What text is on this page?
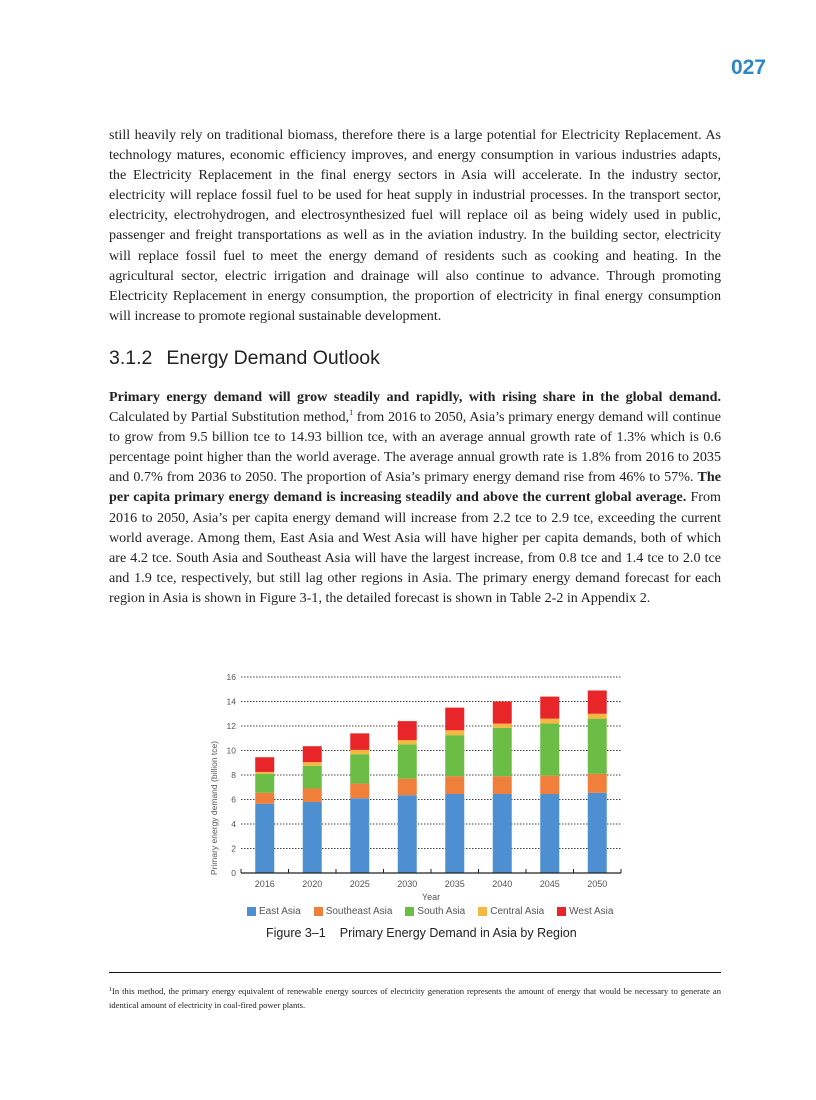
027

still heavily rely on traditional biomass, therefore there is a large potential for Electricity Replacement. As technology matures, economic efficiency improves, and energy consumption in various industries adapts, the Electricity Replacement in the final energy sectors in Asia will accelerate. In the industry sector, electricity will replace fossil fuel to be used for heat supply in industrial processes. In the transport sector, electricity, electrohydrogen, and electrosynthesized fuel will replace oil as being widely used in public, passenger and freight transportations as well as in the aviation industry. In the building sector, electricity will replace fossil fuel to meet the energy demand of residents such as cooking and heating. In the agricultural sector, electric irrigation and drainage will also continue to advance. Through promoting Electricity Replacement in energy consumption, the proportion of electricity in final energy consumption will increase to promote regional sustainable development.

3.1.2 Energy Demand Outlook

Primary energy demand will grow steadily and rapidly, with rising share in the global demand. Calculated by Partial Substitution method,$^1$ from 2016 to 2050, Asia’s primary energy demand will continue to grow from 9.5 billion tce to 14.93 billion tce, with an average annual growth rate of 1.3% which is 0.6 percentage point higher than the world average. The average annual growth rate is 1.8% from 2016 to 2035 and 0.7% from 2036 to 2050. The proportion of Asia’s primary energy demand rise from 46% to 57%. The per capita primary energy demand is increasing steadily and above the current global average. From 2016 to 2050, Asia’s per capita energy demand will increase from 2.2 tce to 2.9 tce, exceeding the current world average. Among them, East Asia and West Asia will have higher per capita demands, both of which are 4.2 tce. South Asia and Southeast Asia will have the largest increase, from 0.8 tce and 1.4 tce to 2.0 tce and 1.9 tce, respectively, but still lag other regions in Asia. The primary energy demand forecast for each region in Asia is shown in Figure 3-1, the detailed forecast is shown in Table 2-2 in Appendix 2.

0
2
4
6
8
10
12
14
16
2016	2020	2025	2030	2035	2040	2045	2050
Primary energy demand (billion tce)
Year
East Asia	Southeast Asia	South Asia	Central Asia	West Asia
Figure 3–1 Primary Energy Demand in Asia by Region

$^1$In this method, the primary energy equivalent of renewable energy sources of electricity generation represents the amount of energy that would be necessary to generate an identical amount of electricity in coal-fired power plants.
